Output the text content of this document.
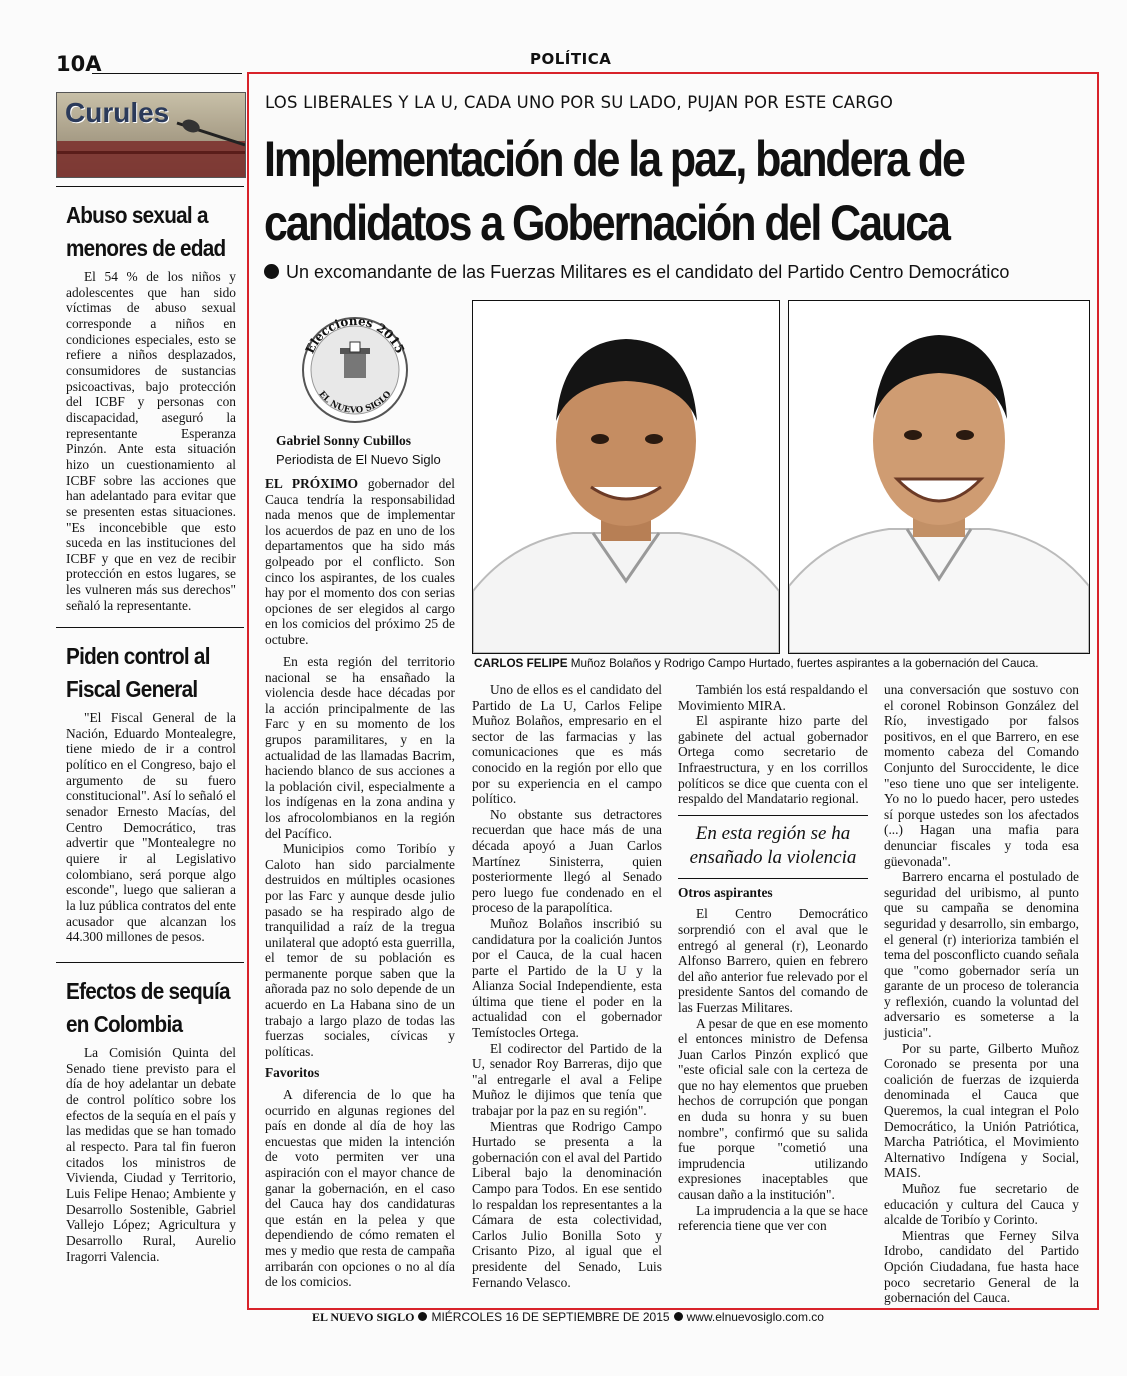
10A	POLÍTICA
Curules
Abuso sexual a
menores de edad

El 54 % de los niños y adolescentes que han sido víctimas de abuso sexual corresponde a niños en condiciones especiales, esto se refiere a niños desplazados, consumidores de sustancias psicoactivas, bajo protección del ICBF y personas con discapacidad, aseguró la representante Esperanza Pinzón. Ante esta situación hizo un cuestionamiento al ICBF sobre las acciones que han adelantado para evitar que se presenten estas situaciones. "Es inconcebible que esto suceda en las instituciones del ICBF y que en vez de recibir protección en estos lugares, se les vulneren más sus derechos" señaló la representante.

Piden control al
Fiscal General

"El Fiscal General de la Nación, Eduardo Montealegre, tiene miedo de ir a control político en el Congreso, bajo el argumento de su fuero constitucional". Así lo señaló el senador Ernesto Macías, del Centro Democrático, tras advertir que "Montealegre no quiere ir al Legislativo colombiano, será porque algo esconde", luego que salieran a la luz pública contratos del ente acusador que alcanzan los 44.300 millones de pesos.

Efectos de sequía
en Colombia

La Comisión Quinta del Senado tiene previsto para el día de hoy adelantar un debate de control político sobre los efectos de la sequía en el país y las medidas que se han tomado al respecto. Para tal fin fueron citados los ministros de Vivienda, Ciudad y Territorio, Luis Felipe Henao; Ambiente y Desarrollo Sostenible, Gabriel Vallejo López; Agricultura y Desarrollo Rural, Aurelio Iragorri Valencia.

LOS LIBERALES Y LA U, CADA UNO POR SU LADO, PUJAN POR ESTE CARGO
Implementación de la paz, bandera de
candidatos a Gobernación del Cauca
Un excomandante de las Fuerzas Militares es el candidato del Partido Centro Democrático
Elecciones 2015
EL NUEVO SIGLO
Gabriel Sonny Cubillos
Periodista de El Nuevo Siglo
CARLOS FELIPE Muñoz Bolaños y Rodrigo Campo Hurtado, fuertes aspirantes a la gobernación del Cauca.

EL PRÓXIMO gobernador del Cauca tendría la responsabilidad nada menos que de implementar los acuerdos de paz en uno de los departamentos que ha sido más golpeado por el conflicto. Son cinco los aspirantes, de los cuales hay por el momento dos con serias opciones de ser elegidos al cargo en los comicios del próximo 25 de octubre.

En esta región del territorio nacional se ha ensañado la violencia desde hace décadas por la acción principalmente de las Farc y en su momento de los grupos paramilitares, y en la actualidad de las llamadas Bacrim, haciendo blanco de sus acciones a la población civil, especialmente a los indígenas en la zona andina y los afrocolombianos en la región del Pacífico.

Municipios como Toribío y Caloto han sido parcialmente destruidos en múltiples ocasiones por las Farc y aunque desde julio pasado se ha respirado algo de tranquilidad a raíz de la tregua unilateral que adoptó esta guerrilla, el temor de su población es permanente porque saben que la añorada paz no solo depende de un acuerdo en La Habana sino de un trabajo a largo plazo de todas las fuerzas sociales, cívicas y políticas.

Favoritos

A diferencia de lo que ha ocurrido en algunas regiones del país en donde al día de hoy las encuestas que miden la intención de voto permiten ver una aspiración con el mayor chance de ganar la gobernación, en el caso del Cauca hay dos candidaturas que están en la pelea y que dependiendo de cómo rematen el mes y medio que resta de campaña arribarán con opciones o no al día de los comicios.

Uno de ellos es el candidato del Partido de La U, Carlos Felipe Muñoz Bolaños, empresario en el sector de las farmacias y las comunicaciones que es más conocido en la región por ello que por su experiencia en el campo político.

No obstante sus detractores recuerdan que hace más de una década apoyó a Juan Carlos Martínez Sinisterra, quien posteriormente llegó al Senado pero luego fue condenado en el proceso de la parapolítica.

Muñoz Bolaños inscribió su candidatura por la coalición Juntos por el Cauca, de la cual hacen parte el Partido de la U y la Alianza Social Independiente, esta última que tiene el poder en la actualidad con el gobernador Temístocles Ortega.

El codirector del Partido de la U, senador Roy Barreras, dijo que "al entregarle el aval a Felipe Muñoz le dijimos que tenía que trabajar por la paz en su región".

Mientras que Rodrigo Campo Hurtado se presenta a la gobernación con el aval del Partido Liberal bajo la denominación Campo para Todos. En ese sentido lo respaldan los representantes a la Cámara de esta colectividad, Carlos Julio Bonilla Soto y Crisanto Pizo, al igual que el presidente del Senado, Luis Fernando Velasco.

También los está respaldando el Movimiento MIRA.

El aspirante hizo parte del gabinete del actual gobernador Ortega como secretario de Infraestructura, y en los corrillos políticos se dice que cuenta con el respaldo del Mandatario regional.

En esta región se ha ensañado la violencia
Otros aspirantes

El Centro Democrático sorprendió con el aval que le entregó al general (r), Leonardo Alfonso Barrero, quien en febrero del año anterior fue relevado por el presidente Santos del comando de las Fuerzas Militares.

A pesar de que en ese momento el entonces ministro de Defensa Juan Carlos Pinzón explicó que "este oficial sale con la certeza de que no hay elementos que prueben hechos de corrupción que pongan en duda su honra y su buen nombre", confirmó que su salida fue porque "cometió una imprudencia utilizando expresiones inaceptables que causan daño a la institución".

La imprudencia a la que se hace referencia tiene que ver con

una conversación que sostuvo con el coronel Robinson González del Río, investigado por falsos positivos, en el que Barrero, en ese momento cabeza del Comando Conjunto del Suroccidente, le dice "eso tiene uno que ser inteligente. Yo no lo puedo hacer, pero ustedes sí porque ustedes son los afectados (...) Hagan una mafia para denunciar fiscales y toda esa güevonada".

Barrero encarna el postulado de seguridad del uribismo, al punto que su campaña se denomina seguridad y desarrollo, sin embargo, el general (r) interioriza también el tema del posconflicto cuando señala que "como gobernador sería un garante de un proceso de tolerancia y reflexión, cuando la voluntad del adversario es someterse a la justicia".

Por su parte, Gilberto Muñoz Coronado se presenta por una coalición de fuerzas de izquierda denominada el Cauca que Queremos, la cual integran el Polo Democrático, la Unión Patriótica, Marcha Patriótica, el Movimiento Alternativo Indígena y Social, MAIS.

Muñoz fue secretario de educación y cultura del Cauca y alcalde de Toribío y Corinto.

Mientras que Ferney Silva Idrobo, candidato del Partido Opción Ciudadana, fue hasta hace poco secretario General de la gobernación del Cauca.

EL NUEVO SIGLO MIÉRCOLES 16 DE SEPTIEMBRE DE 2015 www.elnuevosiglo.com.co
